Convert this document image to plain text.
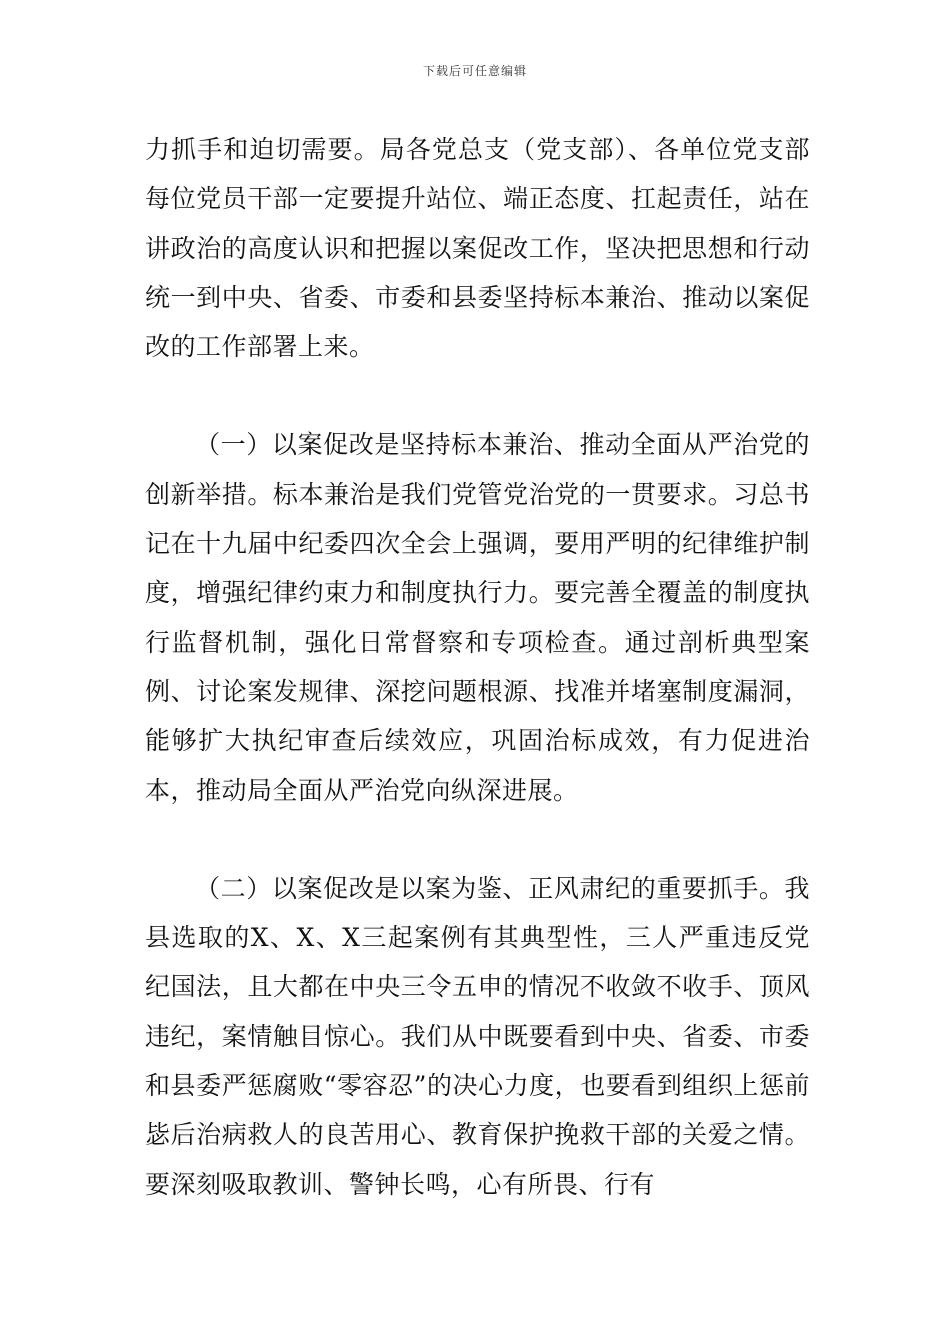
下载后可任意编辑

力抓手和迫切需要。局各党总支（党支部）、各单位党支部每位党员干部一定要提升站位、端正态度、扛起责任，站在讲政治的高度认识和把握以案促改工作，坚决把思想和行动统一到中央、省委、市委和县委坚持标本兼治、推动以案促改的工作部署上来。

（一）以案促改是坚持标本兼治、推动全面从严治党的创新举措。标本兼治是我们党管党治党的一贯要求。习总书记在十九届中纪委四次全会上强调，要用严明的纪律维护制度，增强纪律约束力和制度执行力。要完善全覆盖的制度执行监督机制，强化日常督察和专项检查。通过剖析典型案例、讨论案发规律、深挖问题根源、找准并堵塞制度漏洞，能够扩大执纪审查后续效应，巩固治标成效，有力促进治本，推动局全面从严治党向纵深进展。

（二）以案促改是以案为鉴、正风肃纪的重要抓手。我县选取的X、X、X三起案例有其典型性，三人严重违反党纪国法，且大都在中央三令五申的情况不收敛不收手、顶风违纪，案情触目惊心。我们从中既要看到中央、省委、市委和县委严惩腐败“零容忍”的决心力度，也要看到组织上惩前毖后治病救人的良苦用心、教育保护挽救干部的关爱之情。要深刻吸取教训、警钟长鸣，心有所畏、行有
